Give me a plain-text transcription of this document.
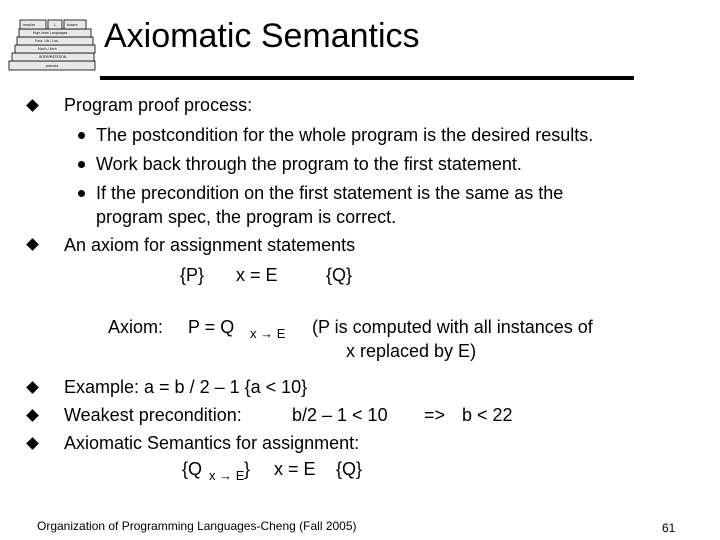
ompiler	L	Assem
High-level Languages
Func. Lib / Lan.
Mach / Arch
INTERPRETATION
process
Axiomatic Semantics
Program proof process:
The postcondition for the whole program is the desired results.
Work back through the program to the first statement.
If the precondition on the first statement is the same as the
program spec, the program is correct.
An axiom for assignment statements
{P} x = E	{Q}
Axiom: P = Q x → E (P is computed with all instances of
x replaced by E)
Example: a = b / 2 – 1 {a < 10}
Weakest precondition:	b/2 – 1 < 10 => b < 22
Axiomatic Semantics for assignment:
{Q x → E } x = E {Q}
Organization of Programming Languages-Cheng (Fall 2005)	61
